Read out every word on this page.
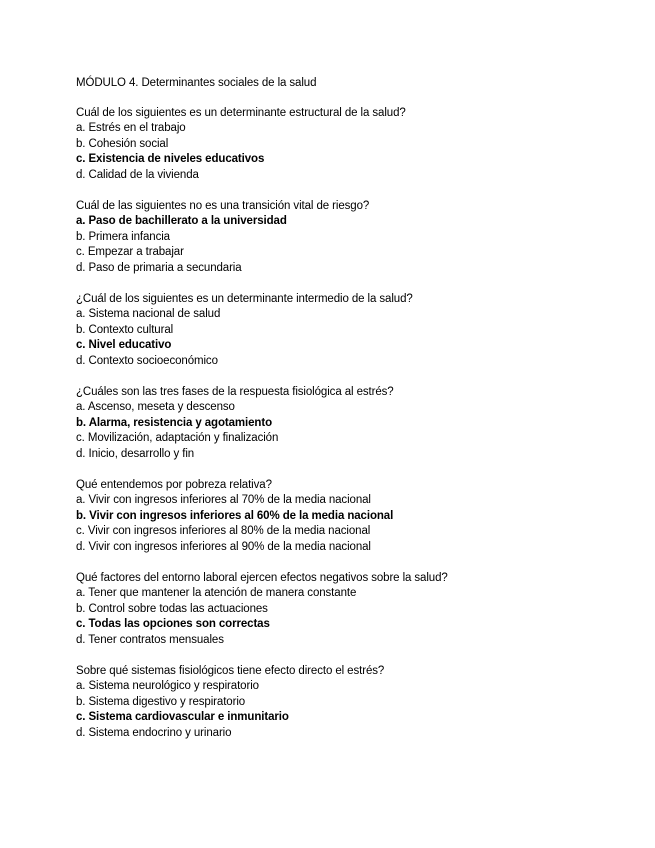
MÓDULO 4. Determinantes sociales de la salud
Cuál de los siguientes es un determinante estructural de la salud?
a. Estrés en el trabajo
b. Cohesión social
c. Existencia de niveles educativos
d. Calidad de la vivienda
Cuál de las siguientes no es una transición vital de riesgo?
a. Paso de bachillerato a la universidad
b. Primera infancia
c. Empezar a trabajar
d. Paso de primaria a secundaria
¿Cuál de los siguientes es un determinante intermedio de la salud?
a. Sistema nacional de salud
b. Contexto cultural
c. Nivel educativo
d. Contexto socioeconómico
¿Cuáles son las tres fases de la respuesta fisiológica al estrés?
a. Ascenso, meseta y descenso
b. Alarma, resistencia y agotamiento
c. Movilización, adaptación y finalización
d. Inicio, desarrollo y fin
Qué entendemos por pobreza relativa?
a. Vivir con ingresos inferiores al 70% de la media nacional
b. Vivir con ingresos inferiores al 60% de la media nacional
c. Vivir con ingresos inferiores al 80% de la media nacional
d. Vivir con ingresos inferiores al 90% de la media nacional
Qué factores del entorno laboral ejercen efectos negativos sobre la salud?
a. Tener que mantener la atención de manera constante
b. Control sobre todas las actuaciones
c. Todas las opciones son correctas
d. Tener contratos mensuales
Sobre qué sistemas fisiológicos tiene efecto directo el estrés?
a. Sistema neurológico y respiratorio
b. Sistema digestivo y respiratorio
c. Sistema cardiovascular e inmunitario
d. Sistema endocrino y urinario
